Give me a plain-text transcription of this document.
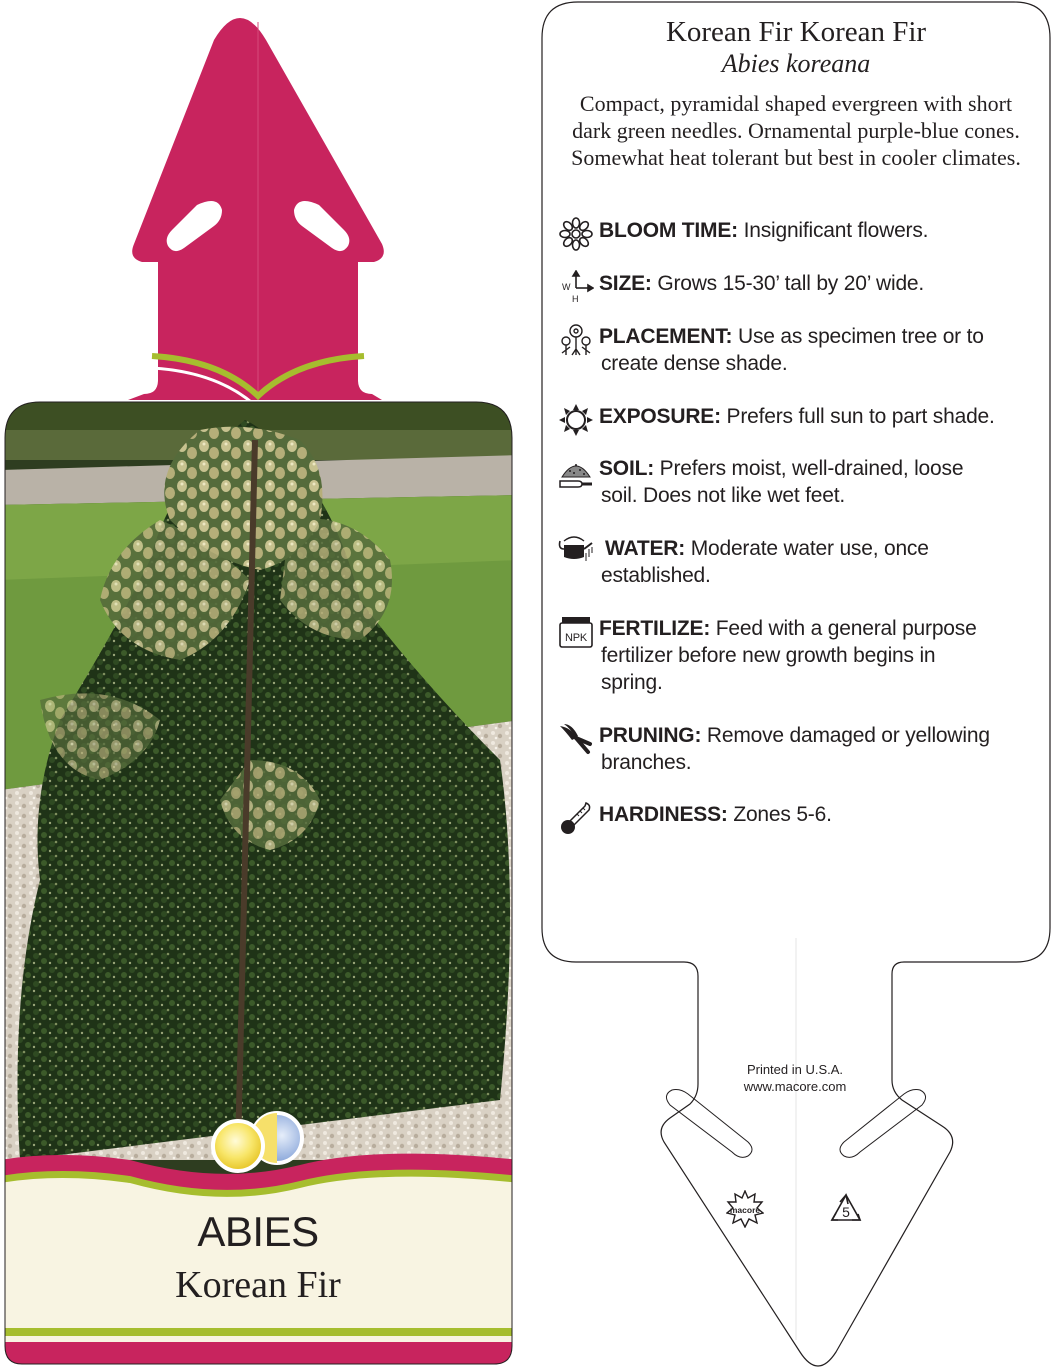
ABIES
Korean Fir
Korean Fir Korean Fir
Abies koreana
Compact, pyramidal shaped evergreen with short dark green needles. Ornamental purple-blue cones. Somewhat heat tolerant but best in cooler climates.
BLOOM TIME: Insignificant flowers.
W
H
SIZE: Grows 15-30’ tall by 20’ wide.
PLACEMENT: Use as specimen tree or to
create dense shade.
EXPOSURE: Prefers full sun to part shade.
SOIL: Prefers moist, well-drained, loose
soil. Does not like wet feet.
WATER: Moderate water use, once
established.
NPK FERTILIZE: Feed with a general purpose
fertilizer before new growth begins in
spring.
PRUNING: Remove damaged or yellowing
branches.
HARDINESS: Zones 5-6.
Printed in U.S.A.
www.macore.com
macore	5
